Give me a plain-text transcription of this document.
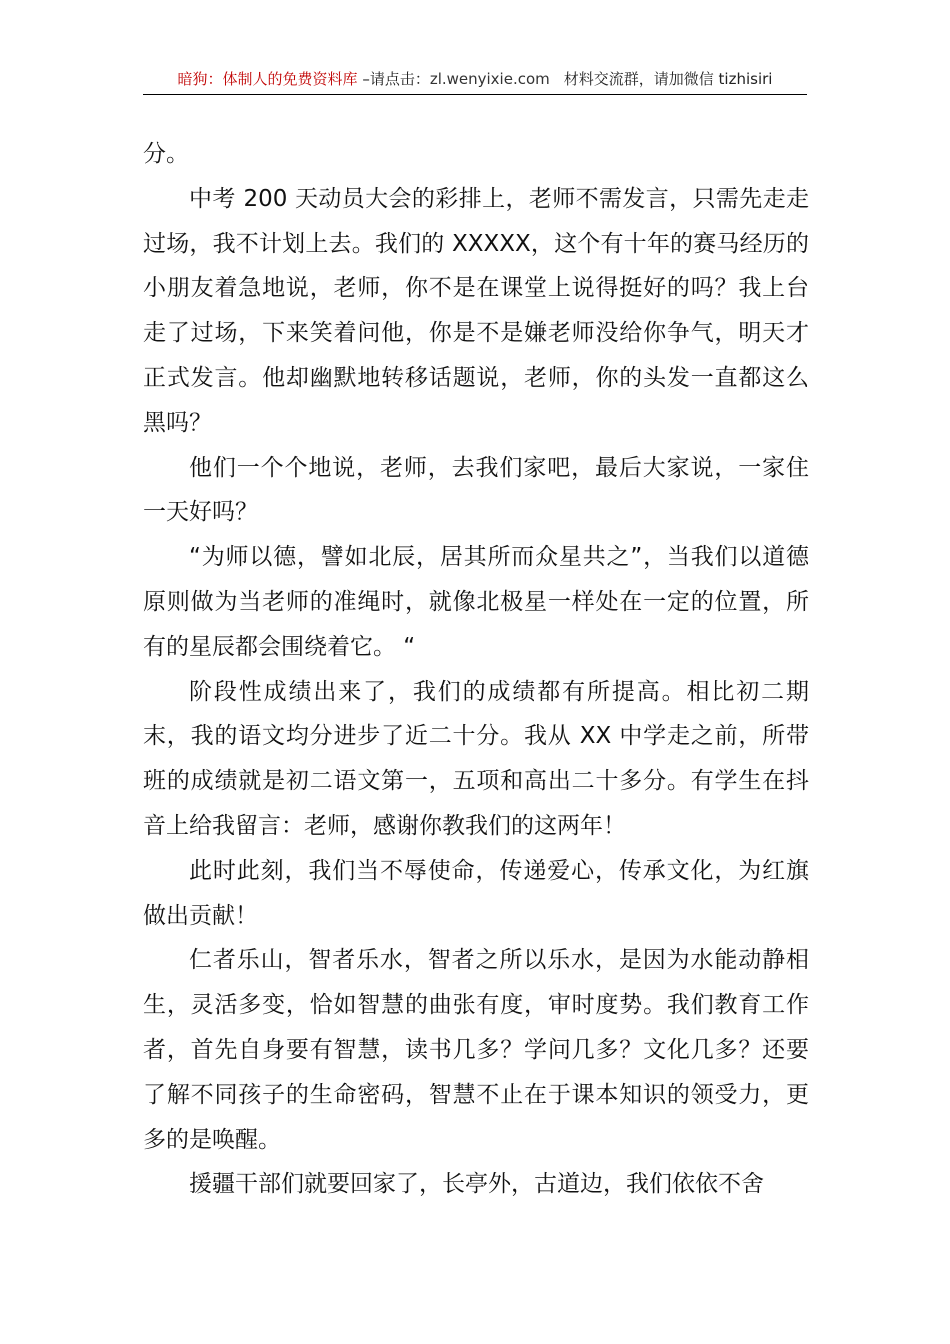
暗狗：体制人的免费资料库 –请点击：zl.wenyixie.com 材料交流群，请加微信 tizhisiri

分。

中考 200 天动员大会的彩排上，老师不需发言，只需先走走过场，我不计划上去。我们的 XXXXX，这个有十年的赛马经历的小朋友着急地说，老师，你不是在课堂上说得挺好的吗？我上台走了过场，下来笑着问他，你是不是嫌老师没给你争气，明天才正式发言。他却幽默地转移话题说，老师，你的头发一直都这么黑吗？

他们一个个地说，老师，去我们家吧，最后大家说，一家住一天好吗？

“为师以德，譬如北辰，居其所而众星共之”，当我们以道德原则做为当老师的准绳时，就像北极星一样处在一定的位置，所有的星辰都会围绕着它。 “

阶段性成绩出来了，我们的成绩都有所提高。相比初二期末，我的语文均分进步了近二十分。我从 XX 中学走之前，所带班的成绩就是初二语文第一，五项和高出二十多分。有学生在抖音上给我留言：老师，感谢你教我们的这两年！

此时此刻，我们当不辱使命，传递爱心，传承文化，为红旗做出贡献！

仁者乐山，智者乐水，智者之所以乐水，是因为水能动静相生，灵活多变，恰如智慧的曲张有度，审时度势。我们教育工作者，首先自身要有智慧，读书几多？学问几多？文化几多？还要了解不同孩子的生命密码，智慧不止在于课本知识的领受力，更多的是唤醒。

援疆干部们就要回家了，长亭外，古道边，我们依依不舍
